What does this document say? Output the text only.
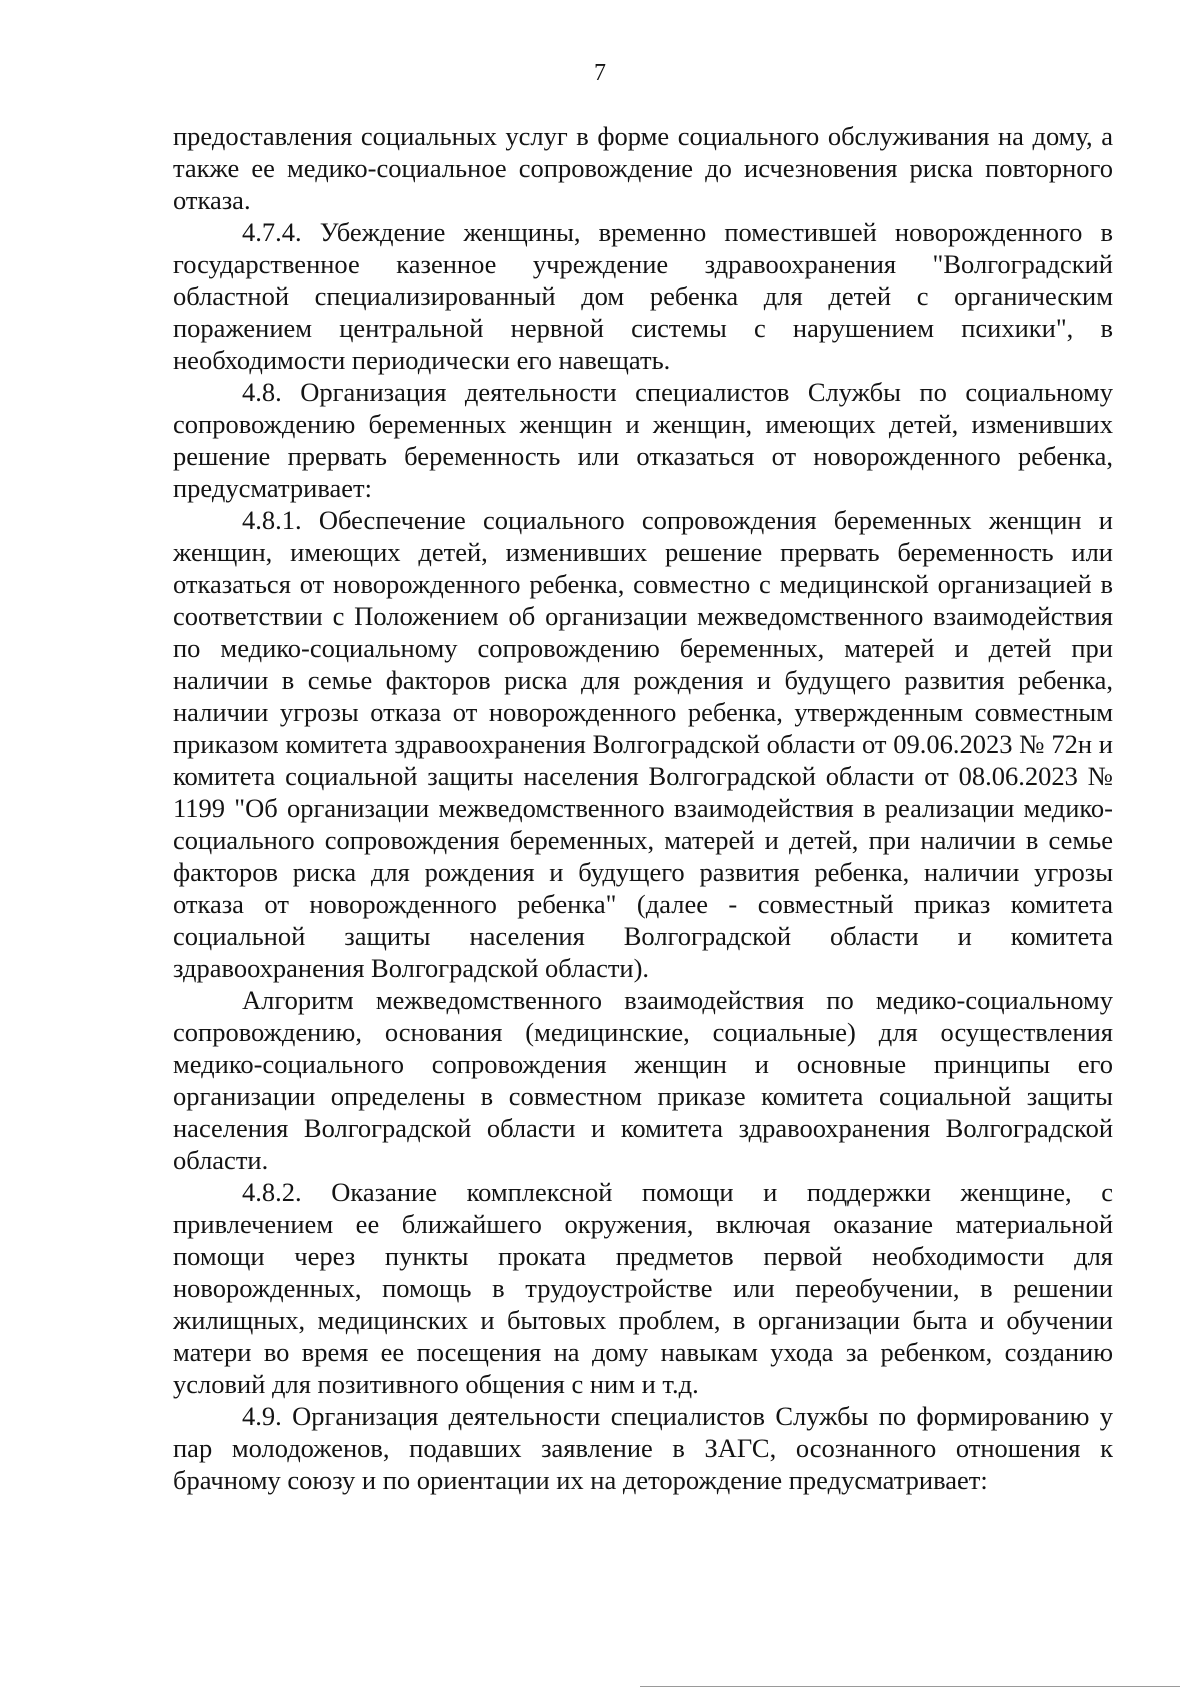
7

предоставления социальных услуг в форме социального обслуживания на дому, а также ее медико-социальное сопровождение до исчезновения риска повторного отказа.

4.7.4. Убеждение женщины, временно поместившей новорожденного в государственное казенное учреждение здравоохранения "Волгоградский областной специализированный дом ребенка для детей с органическим поражением центральной нервной системы с нарушением психики", в необходимости периодически его навещать.

4.8. Организация деятельности специалистов Службы по социальному сопровождению беременных женщин и женщин, имеющих детей, изменивших решение прервать беременность или отказаться от новорожденного ребенка, предусматривает:

4.8.1. Обеспечение социального сопровождения беременных женщин и женщин, имеющих детей, изменивших решение прервать беременность или отказаться от новорожденного ребенка, совместно с медицинской организацией в соответствии с Положением об организации межведомственного взаимодействия по медико-социальному сопровождению беременных, матерей и детей при наличии в семье факторов риска для рождения и будущего развития ребенка, наличии угрозы отказа от новорожденного ребенка, утвержденным совместным приказом комитета здравоохранения Волгоградской области от 09.06.2023 № 72н и комитета социальной защиты населения Волгоградской области от 08.06.2023 № 1199 "Об организации межведомственного взаимодействия в реализации медико-социального сопровождения беременных, матерей и детей, при наличии в семье факторов риска для рождения и будущего развития ребенка, наличии угрозы отказа от новорожденного ребенка" (далее - совместный приказ комитета социальной защиты населения Волгоградской области и комитета здравоохранения Волгоградской области).

Алгоритм межведомственного взаимодействия по медико-социальному сопровождению, основания (медицинские, социальные) для осуществления медико-социального сопровождения женщин и основные принципы его организации определены в совместном приказе комитета социальной защиты населения Волгоградской области и комитета здравоохранения Волгоградской области.

4.8.2. Оказание комплексной помощи и поддержки женщине, с привлечением ее ближайшего окружения, включая оказание материальной помощи через пункты проката предметов первой необходимости для новорожденных, помощь в трудоустройстве или переобучении, в решении жилищных, медицинских и бытовых проблем, в организации быта и обучении матери во время ее посещения на дому навыкам ухода за ребенком, созданию условий для позитивного общения с ним и т.д.

4.9. Организация деятельности специалистов Службы по формированию у пар молодоженов, подавших заявление в ЗАГС, осознанного отношения к брачному союзу и по ориентации их на деторождение предусматривает:
